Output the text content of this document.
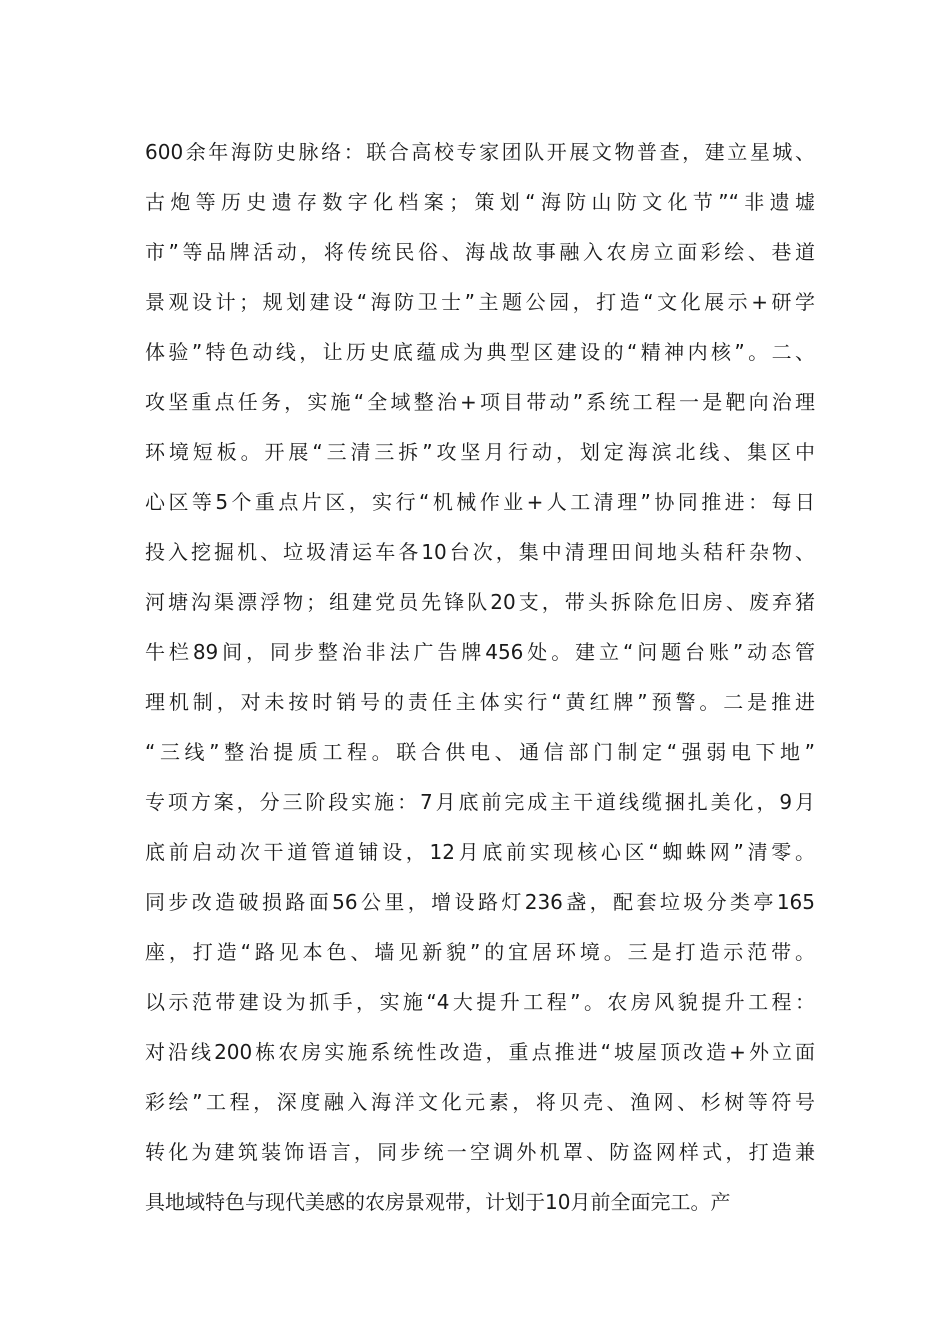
600余年海防史脉络：联合高校专家团队开展文物普查，建立星城、
古炮等历史遗存数字化档案；策划“海防山防文化节”“非遗墟
市”等品牌活动，将传统民俗、海战故事融入农房立面彩绘、巷道
景观设计；规划建设“海防卫士”主题公园，打造“文化展示+研学
体验”特色动线，让历史底蕴成为典型区建设的“精神内核”。二、
攻坚重点任务，实施“全域整治+项目带动”系统工程一是靶向治理
环境短板。开展“三清三拆”攻坚月行动，划定海滨北线、集区中
心区等5个重点片区，实行“机械作业+人工清理”协同推进：每日
投入挖掘机、垃圾清运车各10台次，集中清理田间地头秸秆杂物、
河塘沟渠漂浮物；组建党员先锋队20支，带头拆除危旧房、废弃猪
牛栏89间，同步整治非法广告牌456处。建立“问题台账”动态管
理机制，对未按时销号的责任主体实行“黄红牌”预警。二是推进
“三线”整治提质工程。联合供电、通信部门制定“强弱电下地”
专项方案，分三阶段实施：7月底前完成主干道线缆捆扎美化，9月
底前启动次干道管道铺设，12月底前实现核心区“蜘蛛网”清零。
同步改造破损路面56公里，增设路灯236盏，配套垃圾分类亭165
座，打造“路见本色、墙见新貌”的宜居环境。三是打造示范带。
以示范带建设为抓手，实施“4大提升工程”。农房风貌提升工程：
对沿线200栋农房实施系统性改造，重点推进“坡屋顶改造+外立面
彩绘”工程，深度融入海洋文化元素，将贝壳、渔网、杉树等符号
转化为建筑装饰语言，同步统一空调外机罩、防盗网样式，打造兼
具地域特色与现代美感的农房景观带，计划于10月前全面完工。产
